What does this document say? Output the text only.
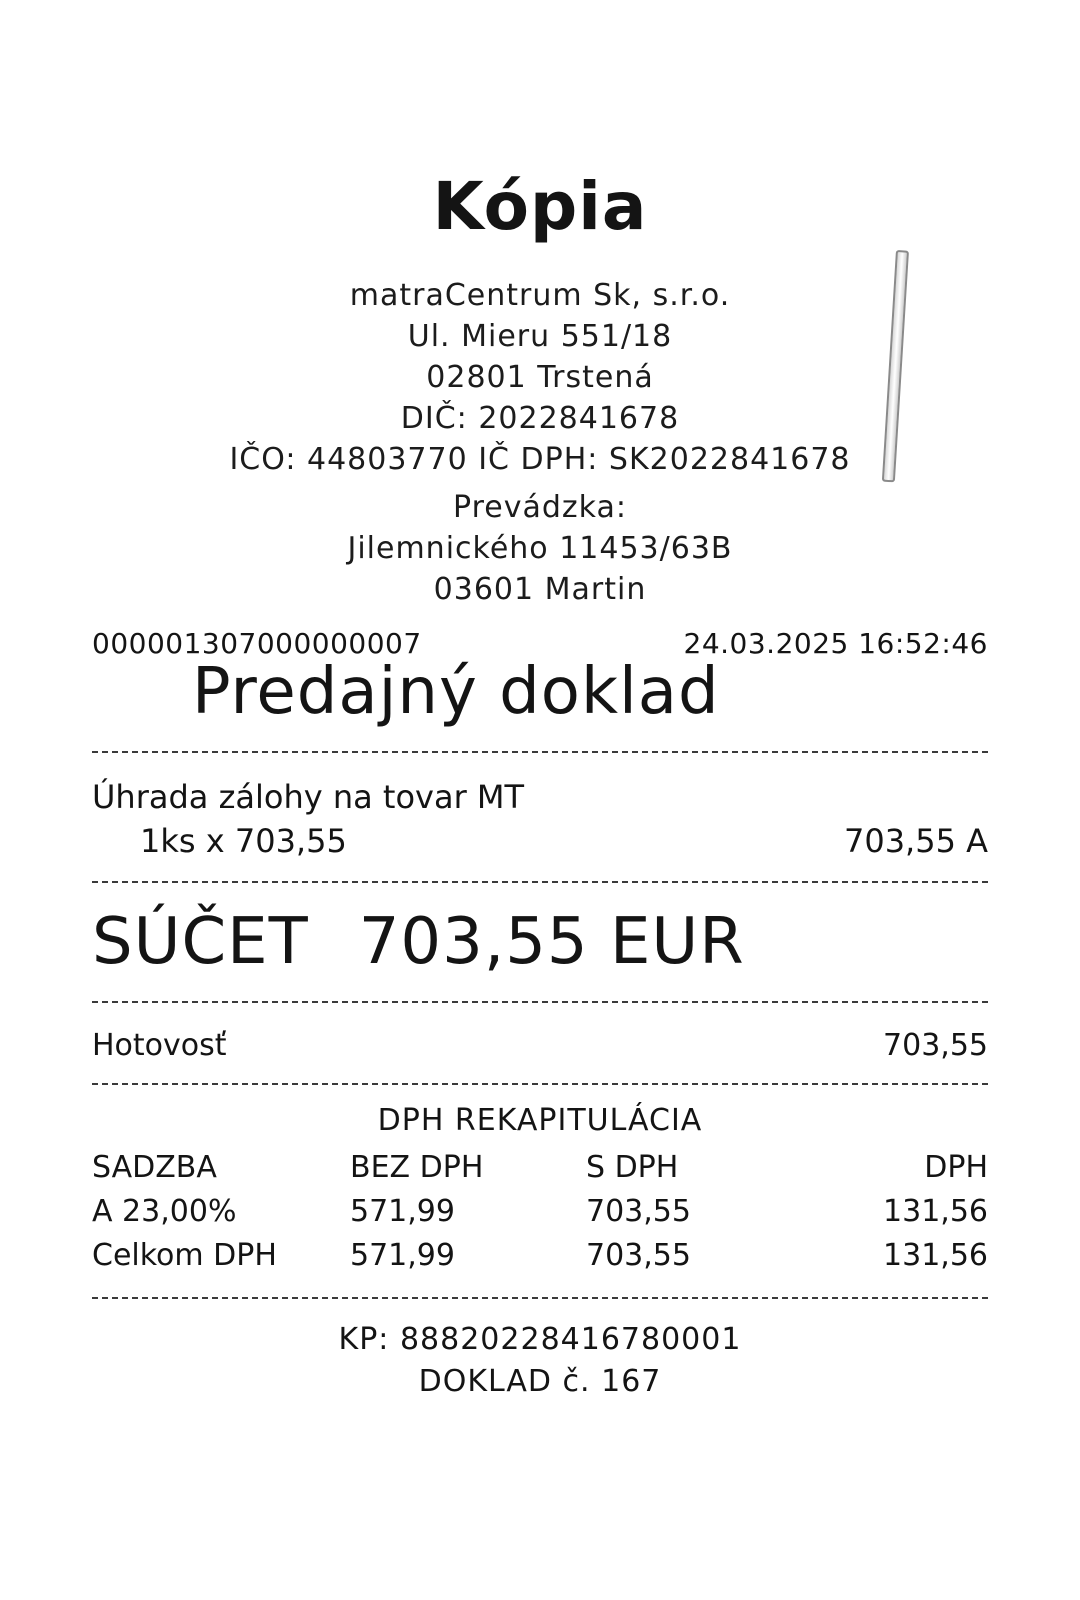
Kópia
matraCentrum Sk, s.r.o.
Ul. Mieru 551/18
02801 Trstená
DIČ: 2022841678
IČO: 44803770 IČ DPH: SK2022841678
Prevádzka:
Jilemnického 11453/63B
03601 Martin
000001307000000007	24.03.2025 16:52:46
Predajný doklad
Úhrada zálohy na tovar MT
1ks x 703,55	703,55 A
SÚČET 703,55 EUR
Hotovosť	703,55
DPH REKAPITULÁCIA
SADZBA	BEZ DPH	S DPH	DPH
A 23,00%	571,99	703,55	131,56
Celkom DPH	571,99	703,55	131,56
KP: 88820228416780001
DOKLAD č. 167
